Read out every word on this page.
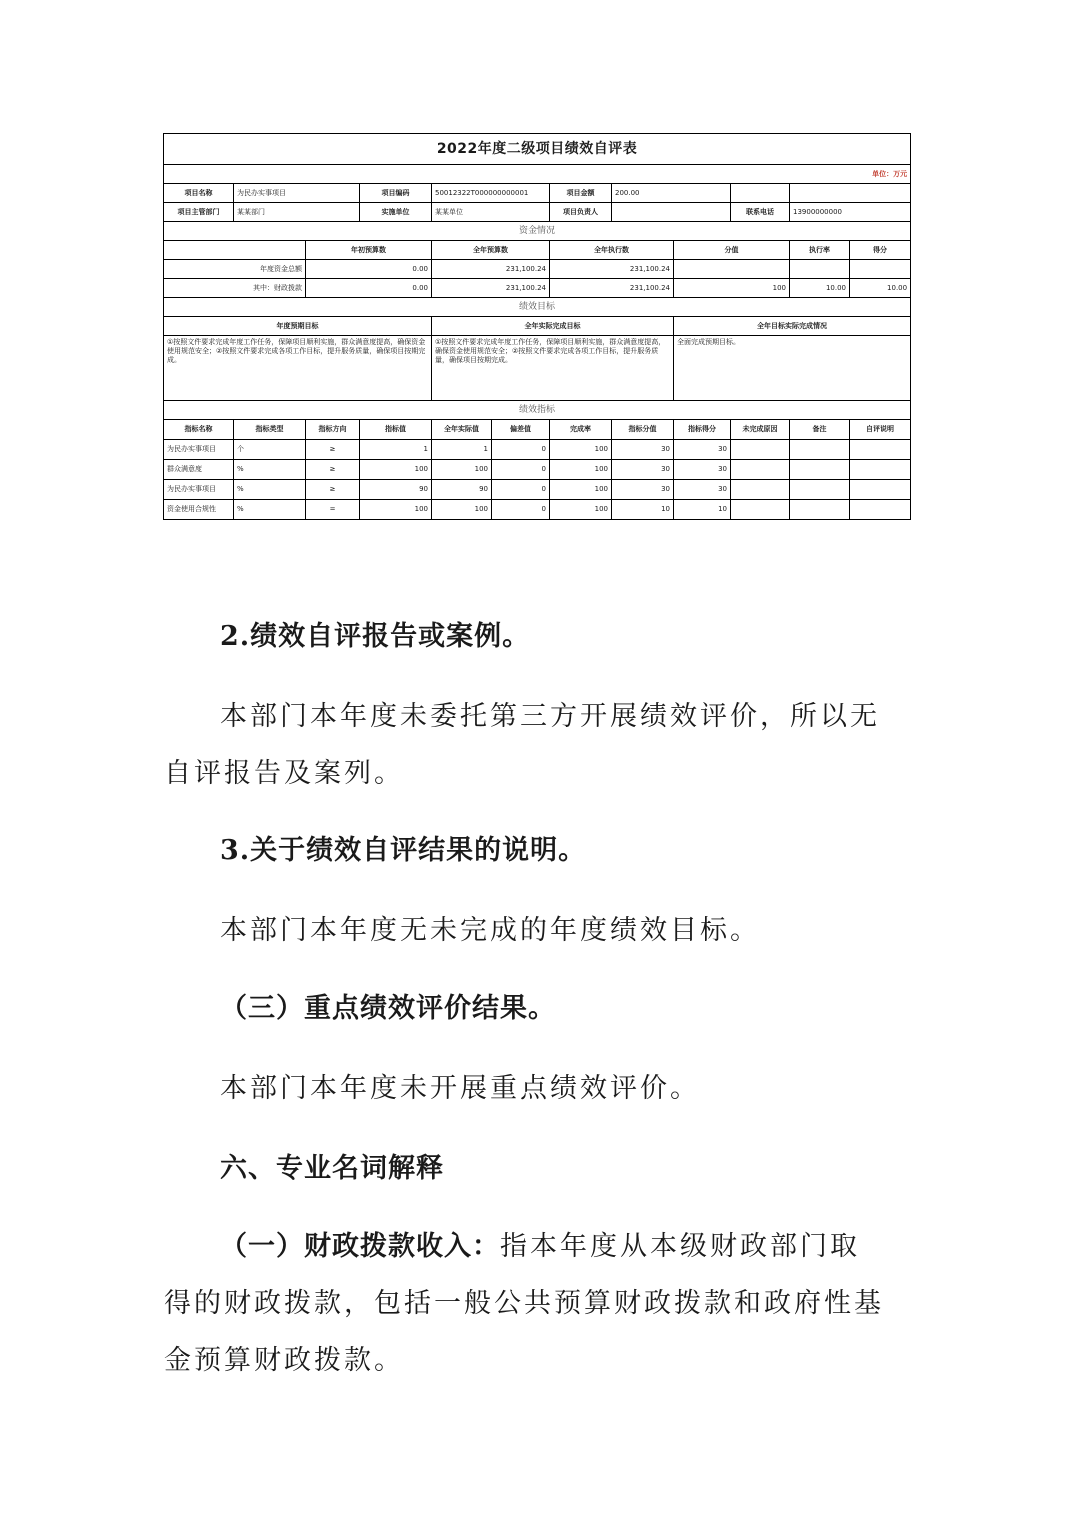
2022年度二级项目绩效自评表											
单位：万元											
项目名称	为民办实事项目		项目编码	50012322T000000000001		项目金额	200.00				
项目主管部门	某某部门		实施单位	某某单位		项目负责人			联系电话	13900000000	
资金情况											
		年初预算数		全年预算数		全年执行数		分值		执行率	得分
年度资金总额		0.00		231,100.24		231,100.24					
其中：财政拨款		0.00		231,100.24		231,100.24		100		10.00	10.00
绩效目标											
年度预期目标				全年实际完成目标				全年目标实际完成情况			
①按照文件要求完成年度工作任务，保障项目顺利实施，群众满意度提高，确保资金使用规范安全；②按照文件要求完成各项工作目标，提升服务质量，确保项目按期完成。				①按照文件要求完成年度工作任务，保障项目顺利实施，群众满意度提高，确保资金使用规范安全；②按照文件要求完成各项工作目标，提升服务质量，确保项目按期完成。				全面完成预期目标。			
绩效指标											
指标名称	指标类型	指标方向	指标值	全年实际值	偏差值	完成率	指标分值	指标得分	未完成原因	备注	自评说明
为民办实事项目	个	≥	1	1	0	100	30	30			
群众满意度	%	≥	100	100	0	100	30	30			
为民办实事项目	%	≥	90	90	0	100	30	30			
资金使用合规性	%	=	100	100	0	100	10	10			

2.绩效自评报告或案例。

本部门本年度未委托第三方开展绩效评价，所以无自评报告及案列。

3.关于绩效自评结果的说明。

本部门本年度无未完成的年度绩效目标。

（三）重点绩效评价结果。

本部门本年度未开展重点绩效评价。

六、专业名词解释

（一）财政拨款收入：指本年度从本级财政部门取得的财政拨款，包括一般公共预算财政拨款和政府性基金预算财政拨款。
